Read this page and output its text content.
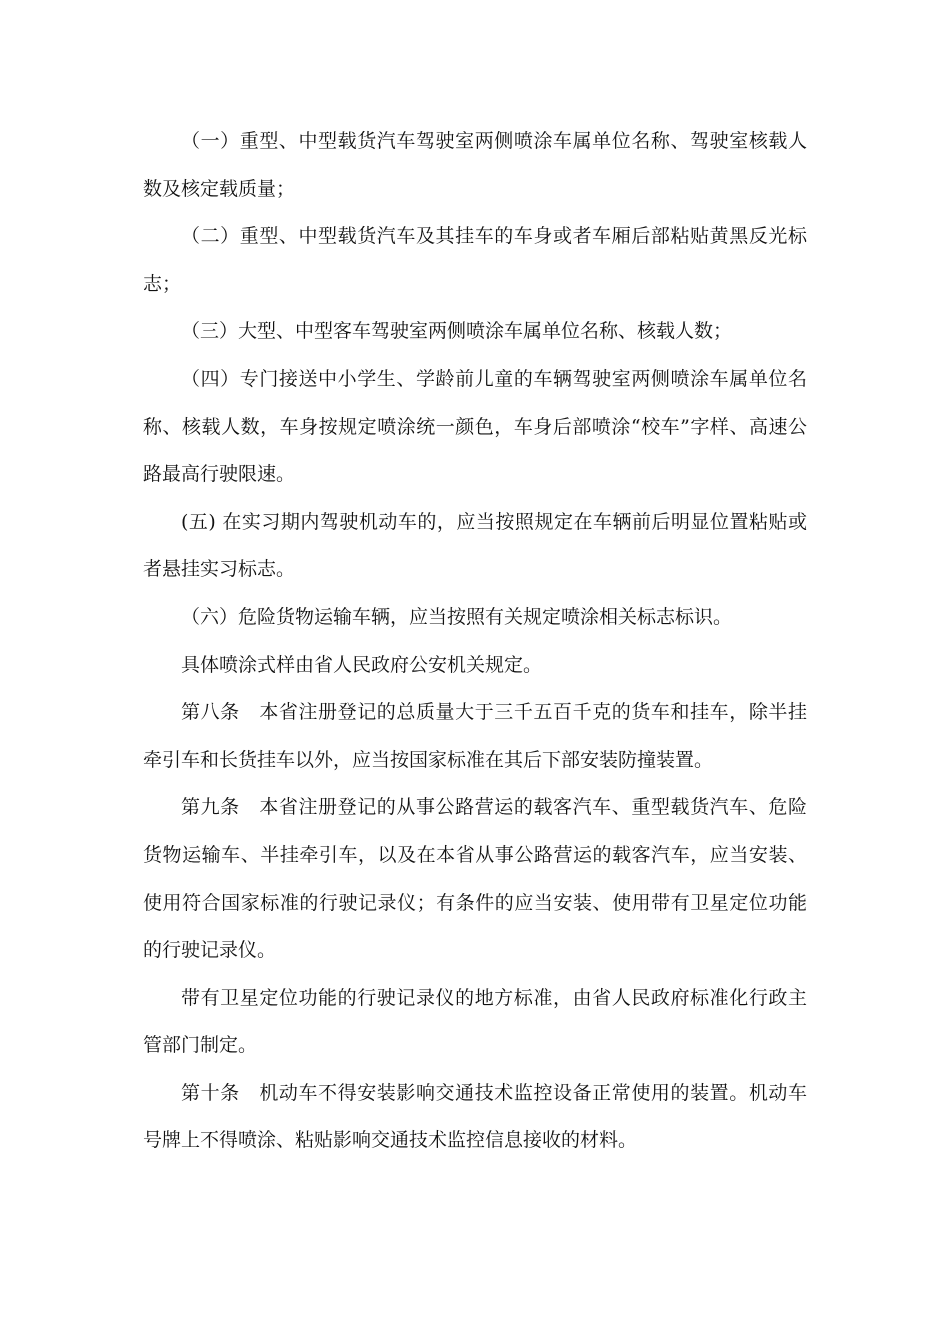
（一）重型、中型载货汽车驾驶室两侧喷涂车属单位名称、驾驶室核载人数及核定载质量；

（二）重型、中型载货汽车及其挂车的车身或者车厢后部粘贴黄黑反光标志；

（三）大型、中型客车驾驶室两侧喷涂车属单位名称、核载人数；

（四）专门接送中小学生、学龄前儿童的车辆驾驶室两侧喷涂车属单位名称、核载人数，车身按规定喷涂统一颜色，车身后部喷涂“校车”字样、高速公路最高行驶限速。

(五) 在实习期内驾驶机动车的，应当按照规定在车辆前后明显位置粘贴或者悬挂实习标志。

（六）危险货物运输车辆，应当按照有关规定喷涂相关标志标识。

具体喷涂式样由省人民政府公安机关规定。

第八条　本省注册登记的总质量大于三千五百千克的货车和挂车，除半挂牵引车和长货挂车以外，应当按国家标准在其后下部安装防撞装置。

第九条　本省注册登记的从事公路营运的载客汽车、重型载货汽车、危险货物运输车、半挂牵引车，以及在本省从事公路营运的载客汽车，应当安装、使用符合国家标准的行驶记录仪；有条件的应当安装、使用带有卫星定位功能的行驶记录仪。

带有卫星定位功能的行驶记录仪的地方标准，由省人民政府标准化行政主管部门制定。

第十条　机动车不得安装影响交通技术监控设备正常使用的装置。机动车号牌上不得喷涂、粘贴影响交通技术监控信息接收的材料。
